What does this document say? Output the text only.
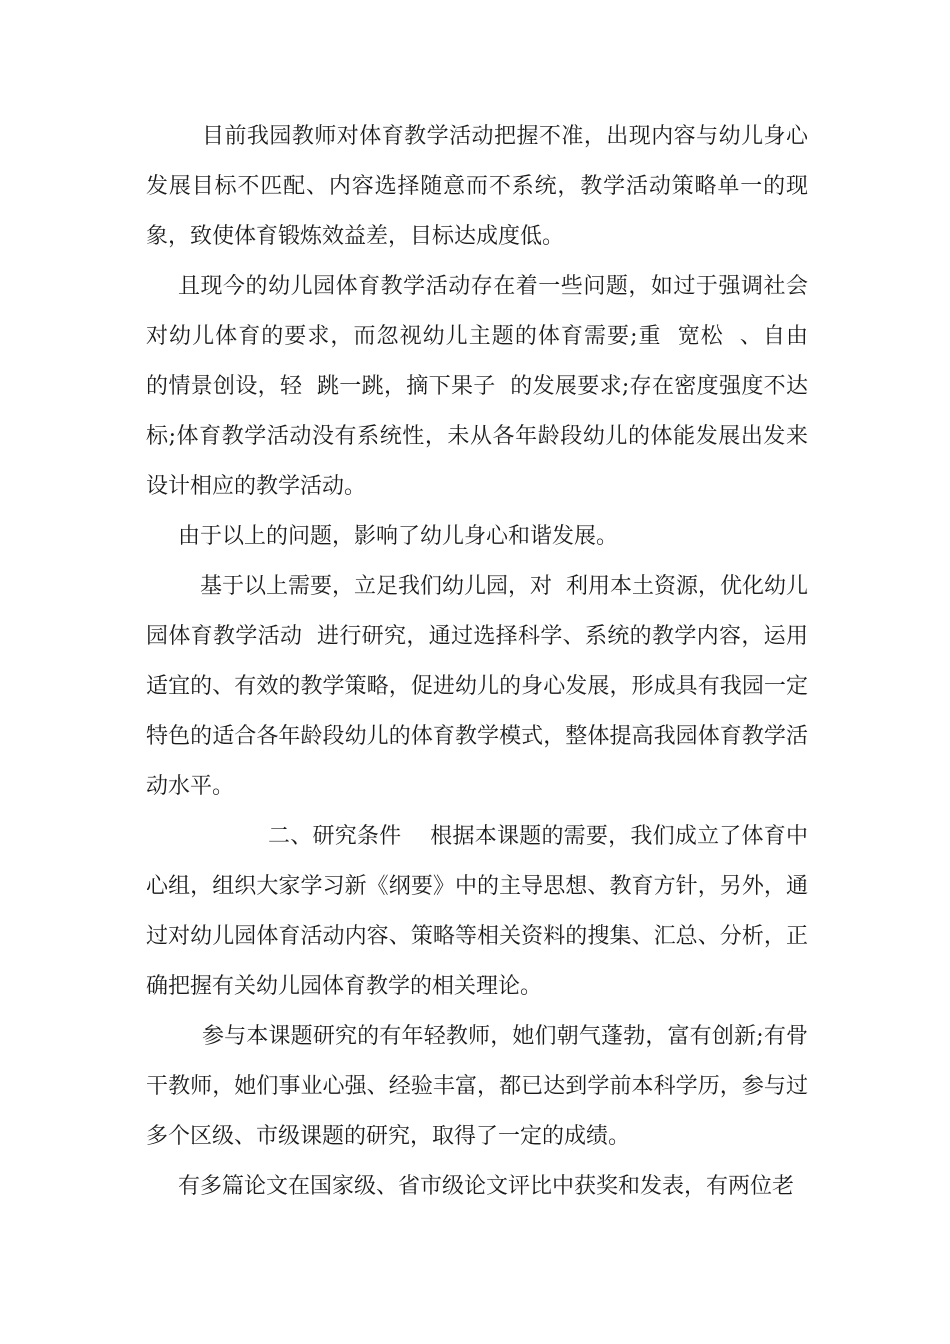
目前我园教师对体育教学活动把握不准，出现内容与幼儿身心发展目标不匹配、内容选择随意而不系统，教学活动策略单一的现象，致使体育锻炼效益差，目标达成度低。

且现今的幼儿园体育教学活动存在着一些问题，如过于强调社会对幼儿体育的要求，而忽视幼儿主题的体育需要;重  宽松  、自由  的情景创设，轻  跳一跳，摘下果子  的发展要求;存在密度强度不达标;体育教学活动没有系统性，未从各年龄段幼儿的体能发展出发来设计相应的教学活动。

由于以上的问题，影响了幼儿身心和谐发展。

基于以上需要，立足我们幼儿园，对  利用本土资源，优化幼儿园体育教学活动  进行研究，通过选择科学、系统的教学内容，运用适宜的、有效的教学策略，促进幼儿的身心发展，形成具有我园一定特色的适合各年龄段幼儿的体育教学模式，整体提高我园体育教学活动水平。

二、研究条件    根据本课题的需要，我们成立了体育中心组，组织大家学习新《纲要》中的主导思想、教育方针，另外，通过对幼儿园体育活动内容、策略等相关资料的搜集、汇总、分析，正确把握有关幼儿园体育教学的相关理论。

参与本课题研究的有年轻教师，她们朝气蓬勃，富有创新;有骨干教师，她们事业心强、经验丰富，都已达到学前本科学历，参与过多个区级、市级课题的研究，取得了一定的成绩。

有多篇论文在国家级、省市级论文评比中获奖和发表，有两位老
